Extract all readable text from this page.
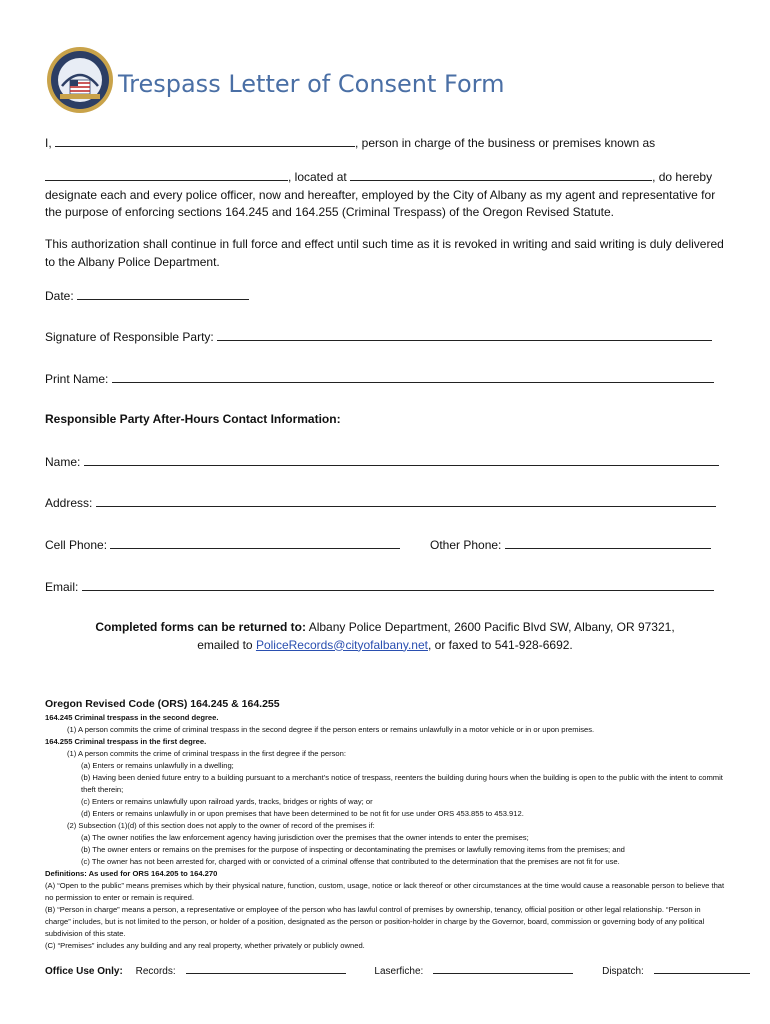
Trespass Letter of Consent Form
I,	, person in charge of the business or premises known as
, located at	, do hereby
designate each and every police officer, now and hereafter, employed by the City of Albany as my agent and representative for the purpose of enforcing sections 164.245 and 164.255 (Criminal Trespass) of the Oregon Revised Statute.
This authorization shall continue in full force and effect until such time as it is revoked in writing and said writing is duly delivered to the Albany Police Department.
Date:
Signature of Responsible Party:
Print Name:
Responsible Party After-Hours Contact Information:
Name:
Address:
Cell Phone:	Other Phone:
Email:
Completed forms can be returned to: Albany Police Department, 2600 Pacific Blvd SW, Albany, OR 97321,
emailed to PoliceRecords@cityofalbany.net, or faxed to 541-928-6692.
Oregon Revised Code (ORS) 164.245 & 164.255
164.245 Criminal trespass in the second degree.
(1) A person commits the crime of criminal trespass in the second degree if the person enters or remains unlawfully in a motor vehicle or in or upon premises.
164.255 Criminal trespass in the first degree.
(1) A person commits the crime of criminal trespass in the first degree if the person:
(a) Enters or remains unlawfully in a dwelling;
(b) Having been denied future entry to a building pursuant to a merchant’s notice of trespass, reenters the building during hours when the building is open to the public with the intent to commit theft therein;
(c) Enters or remains unlawfully upon railroad yards, tracks, bridges or rights of way; or
(d) Enters or remains unlawfully in or upon premises that have been determined to be not fit for use under ORS 453.855 to 453.912.
(2) Subsection (1)(d) of this section does not apply to the owner of record of the premises if:
(a) The owner notifies the law enforcement agency having jurisdiction over the premises that the owner intends to enter the premises;
(b) The owner enters or remains on the premises for the purpose of inspecting or decontaminating the premises or lawfully removing items from the premises; and
(c) The owner has not been arrested for, charged with or convicted of a criminal offense that contributed to the determination that the premises are not fit for use.
Definitions: As used for ORS 164.205 to 164.270
(A) “Open to the public” means premises which by their physical nature, function, custom, usage, notice or lack thereof or other circumstances at the time would cause a reasonable person to believe that no permission to enter or remain is required.
(B) “Person in charge” means a person, a representative or employee of the person who has lawful control of premises by ownership, tenancy, official position or other legal relationship. “Person in charge” includes, but is not limited to the person, or holder of a position, designated as the person or position-holder in charge by the Governor, board, commission or governing body of any political subdivision of this state.
(C) “Premises” includes any building and any real property, whether privately or publicly owned.
Office Use Only: Records:	Laserfiche:	Dispatch:
